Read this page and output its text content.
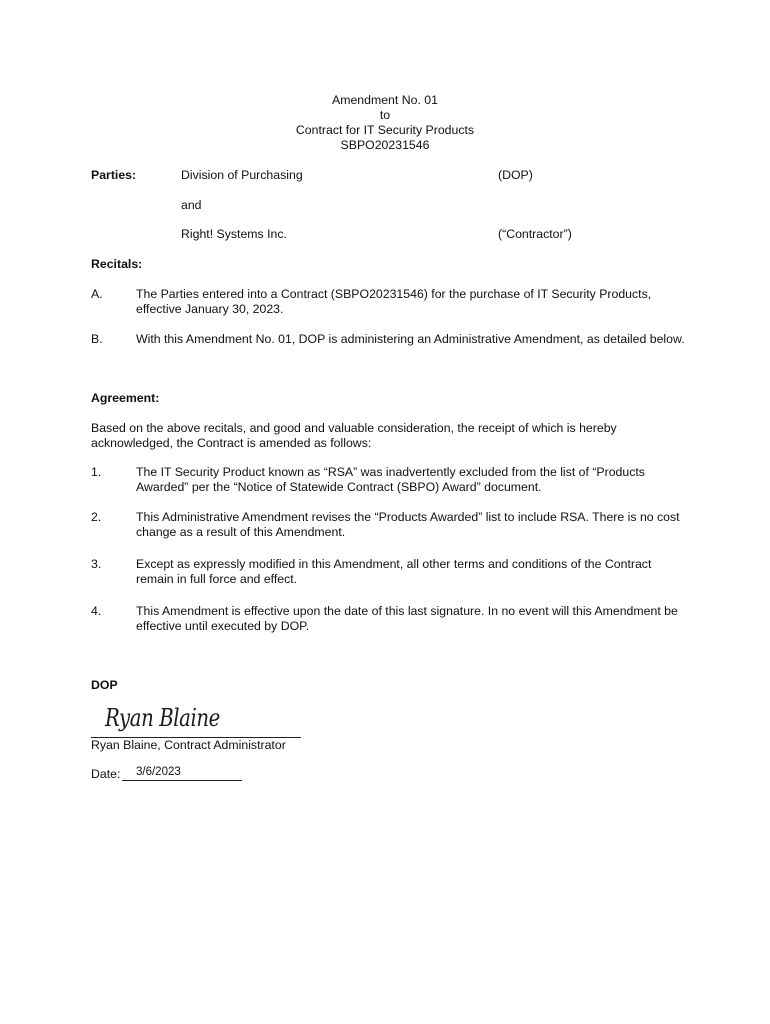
Amendment No. 01
to
Contract for IT Security Products
SBPO20231546
Parties:	Division of Purchasing	(DOP)
and
Right! Systems Inc.	(“Contractor”)
Recitals:
A.	The Parties entered into a Contract (SBPO20231546) for the purchase of IT Security Products, effective January 30, 2023.
B.	With this Amendment No. 01, DOP is administering an Administrative Amendment, as detailed below.
Agreement:
Based on the above recitals, and good and valuable consideration, the receipt of which is hereby acknowledged, the Contract is amended as follows:
1.	The IT Security Product known as “RSA” was inadvertently excluded from the list of “Products Awarded” per the “Notice of Statewide Contract (SBPO) Award” document.
2.	This Administrative Amendment revises the “Products Awarded” list to include RSA. There is no cost change as a result of this Amendment.
3.	Except as expressly modified in this Amendment, all other terms and conditions of the Contract remain in full force and effect.
4.	This Amendment is effective upon the date of this last signature. In no event will this Amendment be effective until executed by DOP.
DOP
Ryan Blaine
Ryan Blaine, Contract Administrator
Date: 3/6/2023
